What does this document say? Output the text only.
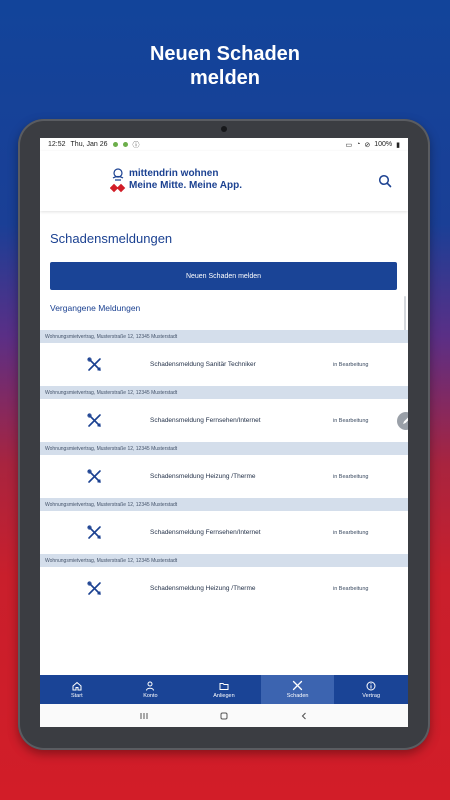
Neuen Schaden
melden
12:52 Thu, Jan 26	ⓘ	▭ ◔ ⊘ 100% ▮
mittendrin wohnen
Meine Mitte. Meine App.
Schadensmeldungen
Neuen Schaden melden
Vergangene Meldungen
Wohnungsmietvertrag, Musterstraße 12, 12345 Musterstadt
Schadensmeldung Sanitär Techniker	in Bearbeitung
Wohnungsmietvertrag, Musterstraße 12, 12345 Musterstadt
Schadensmeldung Fernsehen/Internet	in Bearbeitung
Wohnungsmietvertrag, Musterstraße 12, 12345 Musterstadt
Schadensmeldung Heizung /Therme	in Bearbeitung
Wohnungsmietvertrag, Musterstraße 12, 12345 Musterstadt
Schadensmeldung Fernsehen/Internet	in Bearbeitung
Wohnungsmietvertrag, Musterstraße 12, 12345 Musterstadt
Schadensmeldung Heizung /Therme	in Bearbeitung
Start	Konto	Anliegen	Schaden	Vertrag
